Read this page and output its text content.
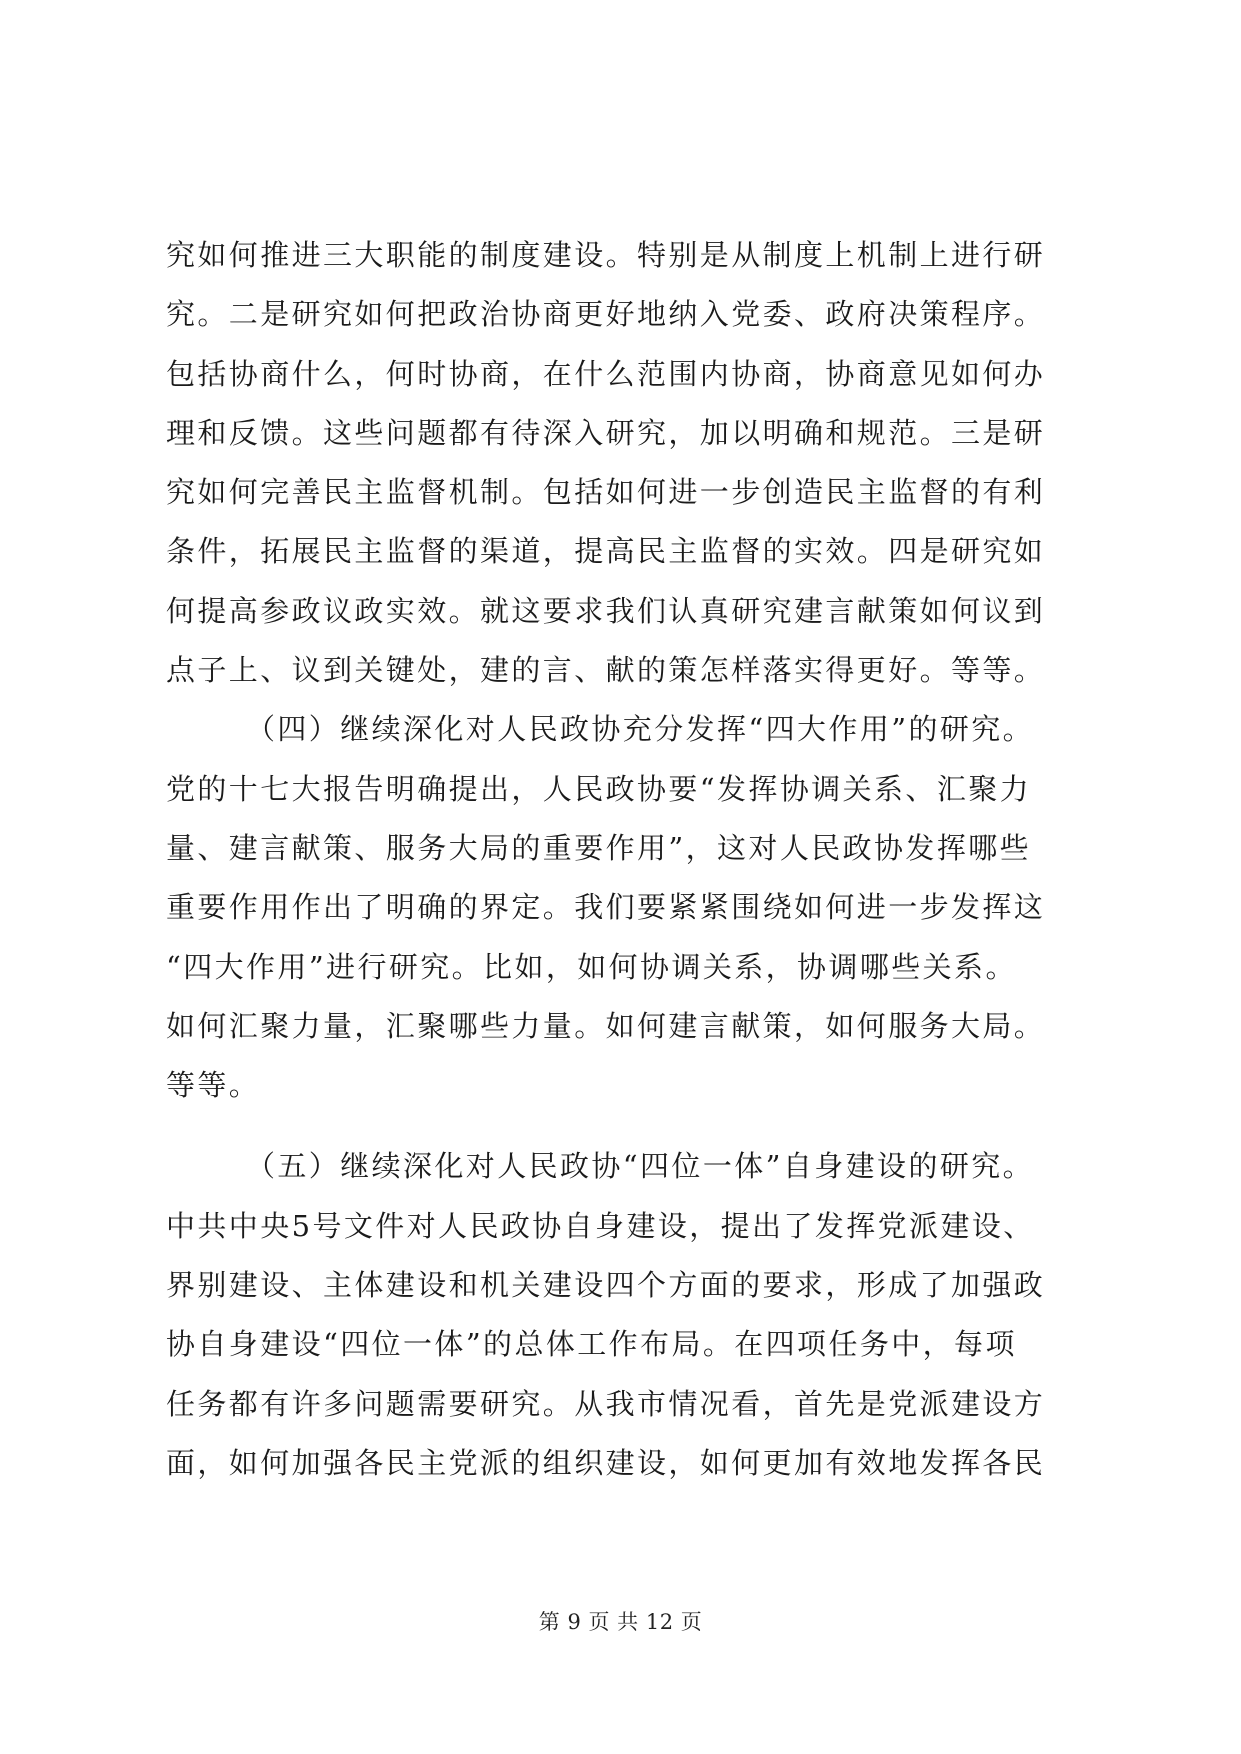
究如何推进三大职能的制度建设。特别是从制度上机制上进行研
究。二是研究如何把政治协商更好地纳入党委、政府决策程序。
包括协商什么，何时协商，在什么范围内协商，协商意见如何办
理和反馈。这些问题都有待深入研究，加以明确和规范。三是研
究如何完善民主监督机制。包括如何进一步创造民主监督的有利
条件，拓展民主监督的渠道，提高民主监督的实效。四是研究如
何提高参政议政实效。就这要求我们认真研究建言献策如何议到
点子上、议到关键处，建的言、献的策怎样落实得更好。等等。
（四）继续深化对人民政协充分发挥“四大作用”的研究。
党的十七大报告明确提出，人民政协要“发挥协调关系、汇聚力
量、建言献策、服务大局的重要作用”，这对人民政协发挥哪些
重要作用作出了明确的界定。我们要紧紧围绕如何进一步发挥这
“四大作用”进行研究。比如，如何协调关系，协调哪些关系。
如何汇聚力量，汇聚哪些力量。如何建言献策，如何服务大局。
等等。
（五）继续深化对人民政协“四位一体”自身建设的研究。
中共中央5号文件对人民政协自身建设，提出了发挥党派建设、
界别建设、主体建设和机关建设四个方面的要求，形成了加强政
协自身建设“四位一体”的总体工作布局。在四项任务中，每项
任务都有许多问题需要研究。从我市情况看，首先是党派建设方
面，如何加强各民主党派的组织建设，如何更加有效地发挥各民
第 9 页 共 12 页
